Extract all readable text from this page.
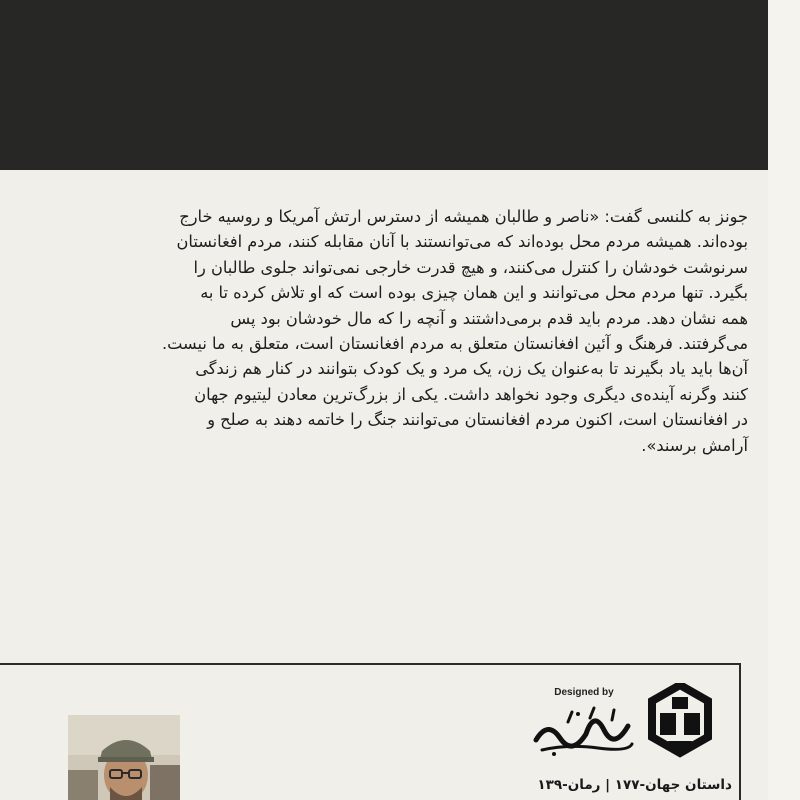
جونز به کلنسی گفت: «ناصر و طالبان همیشه از دسترس ارتش آمریکا و روسیه خارج

بوده‌اند. همیشه مردم محل بوده‌اند که می‌توانستند با آنان مقابله کنند، مردم افغانستان

سرنوشت خودشان را کنترل می‌کنند، و هیچ قدرت خارجی نمی‌تواند جلوی طالبان را

بگیرد. تنها مردم محل می‌توانند و این همان چیزی بوده است که او تلاش کرده تا به

همه نشان دهد. مردم باید قدم برمی‌داشتند و آنچه را که مال خودشان بود پس

می‌گرفتند. فرهنگ و آئین افغانستان متعلق به مردم افغانستان است، متعلق به ما نیست.

آن‌ها باید یاد بگیرند تا به‌عنوان یک زن، یک مرد و یک کودک بتوانند در کنار هم زندگی

کنند وگرنه آینده‌ی دیگری وجود نخواهد داشت. یکی از بزرگ‌ترین معادن لیتیوم جهان

در افغانستان است، اکنون مردم افغانستان می‌توانند جنگ را خاتمه دهند به صلح و

آرامش برسند».

Designed by
داستان جهان-۱۷۷ | رمان-۱۳۹
